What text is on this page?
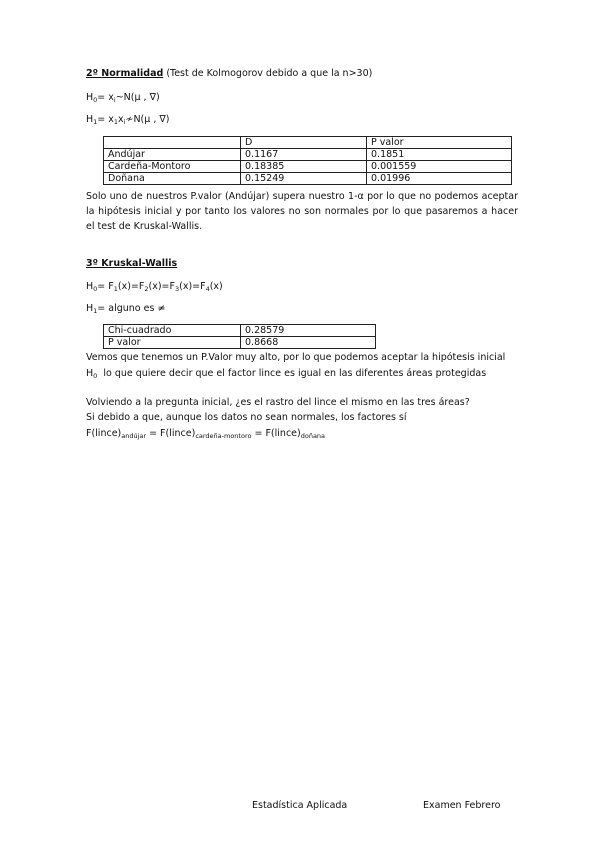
2º Normalidad (Test de Kolmogorov debido a que la n>30)
$H_0=$ $x_i\sim N(\mu$ , ∇)
$H_1=$ $x_1x_i≁N(\mu$ , ∇)
	D	P valor
Andújar	0.1167	0.1851
Cardeña-Montoro	0.18385	0.001559
Doñana	0.15249	0.01996
Solo uno de nuestros P.valor (Andújar) supera nuestro 1-α por lo que no podemos aceptar la hipótesis inicial y por tanto los valores no son normales por lo que pasaremos a hacer el test de Kruskal-Wallis.
3º Kruskal-Wallis
$H_0= F_1(x)=F_2(x)=F_3(x)=F_4(x)$
$H_1=$ alguno es ≠
Chi-cuadrado	0.28579
P valor	0.8668
Vemos que tenemos un P.Valor muy alto, por lo que podemos aceptar la hipótesis inicial
$H_0$ lo que quiere decir que el factor lince es igual en las diferentes áreas protegidas
Volviendo a la pregunta inicial, ¿es el rastro del lince el mismo en las tres áreas?
Si debido a que, aunque los datos no sean normales, los factores sí
$F(lince)_{andújar}$ = $F(lince)_{cardeña-montoro}$ = $F(lince)_{doñana}$
Estadística Aplicada	Examen Febrero
